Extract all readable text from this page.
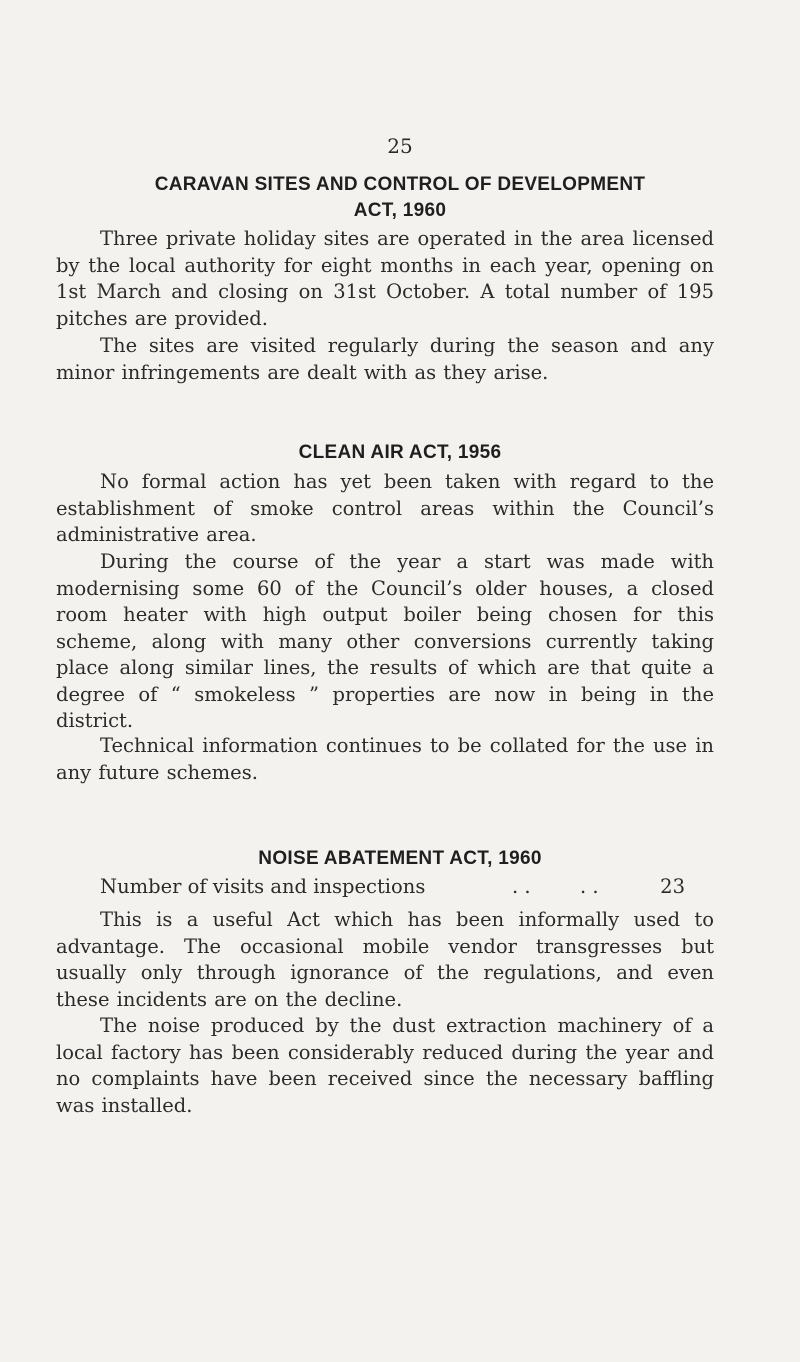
25
CARAVAN SITES AND CONTROL OF DEVELOPMENT
ACT, 1960

Three private holiday sites are operated in the area licensed by the local authority for eight months in each year, opening on 1st March and closing on 31st October. A total number of 195 pitches are provided.

The sites are visited regularly during the season and any minor infringements are dealt with as they arise.

CLEAN AIR ACT, 1956

No formal action has yet been taken with regard to the establishment of smoke control areas within the Council’s administrative area.

During the course of the year a start was made with modernising some 60 of the Council’s older houses, a closed room heater with high output boiler being chosen for this scheme, along with many other conversions currently taking place along similar lines, the results of which are that quite a degree of “ smokeless ” properties are now in being in the district.

Technical information continues to be collated for the use in any future schemes.

NOISE ABATEMENT ACT, 1960
Number of visits and inspections	. .	. .	23

This is a useful Act which has been informally used to advantage. The occasional mobile vendor transgresses but usually only through ignorance of the regulations, and even these incidents are on the decline.

The noise produced by the dust extraction machinery of a local factory has been considerably reduced during the year and no complaints have been received since the necessary baffling was installed.
